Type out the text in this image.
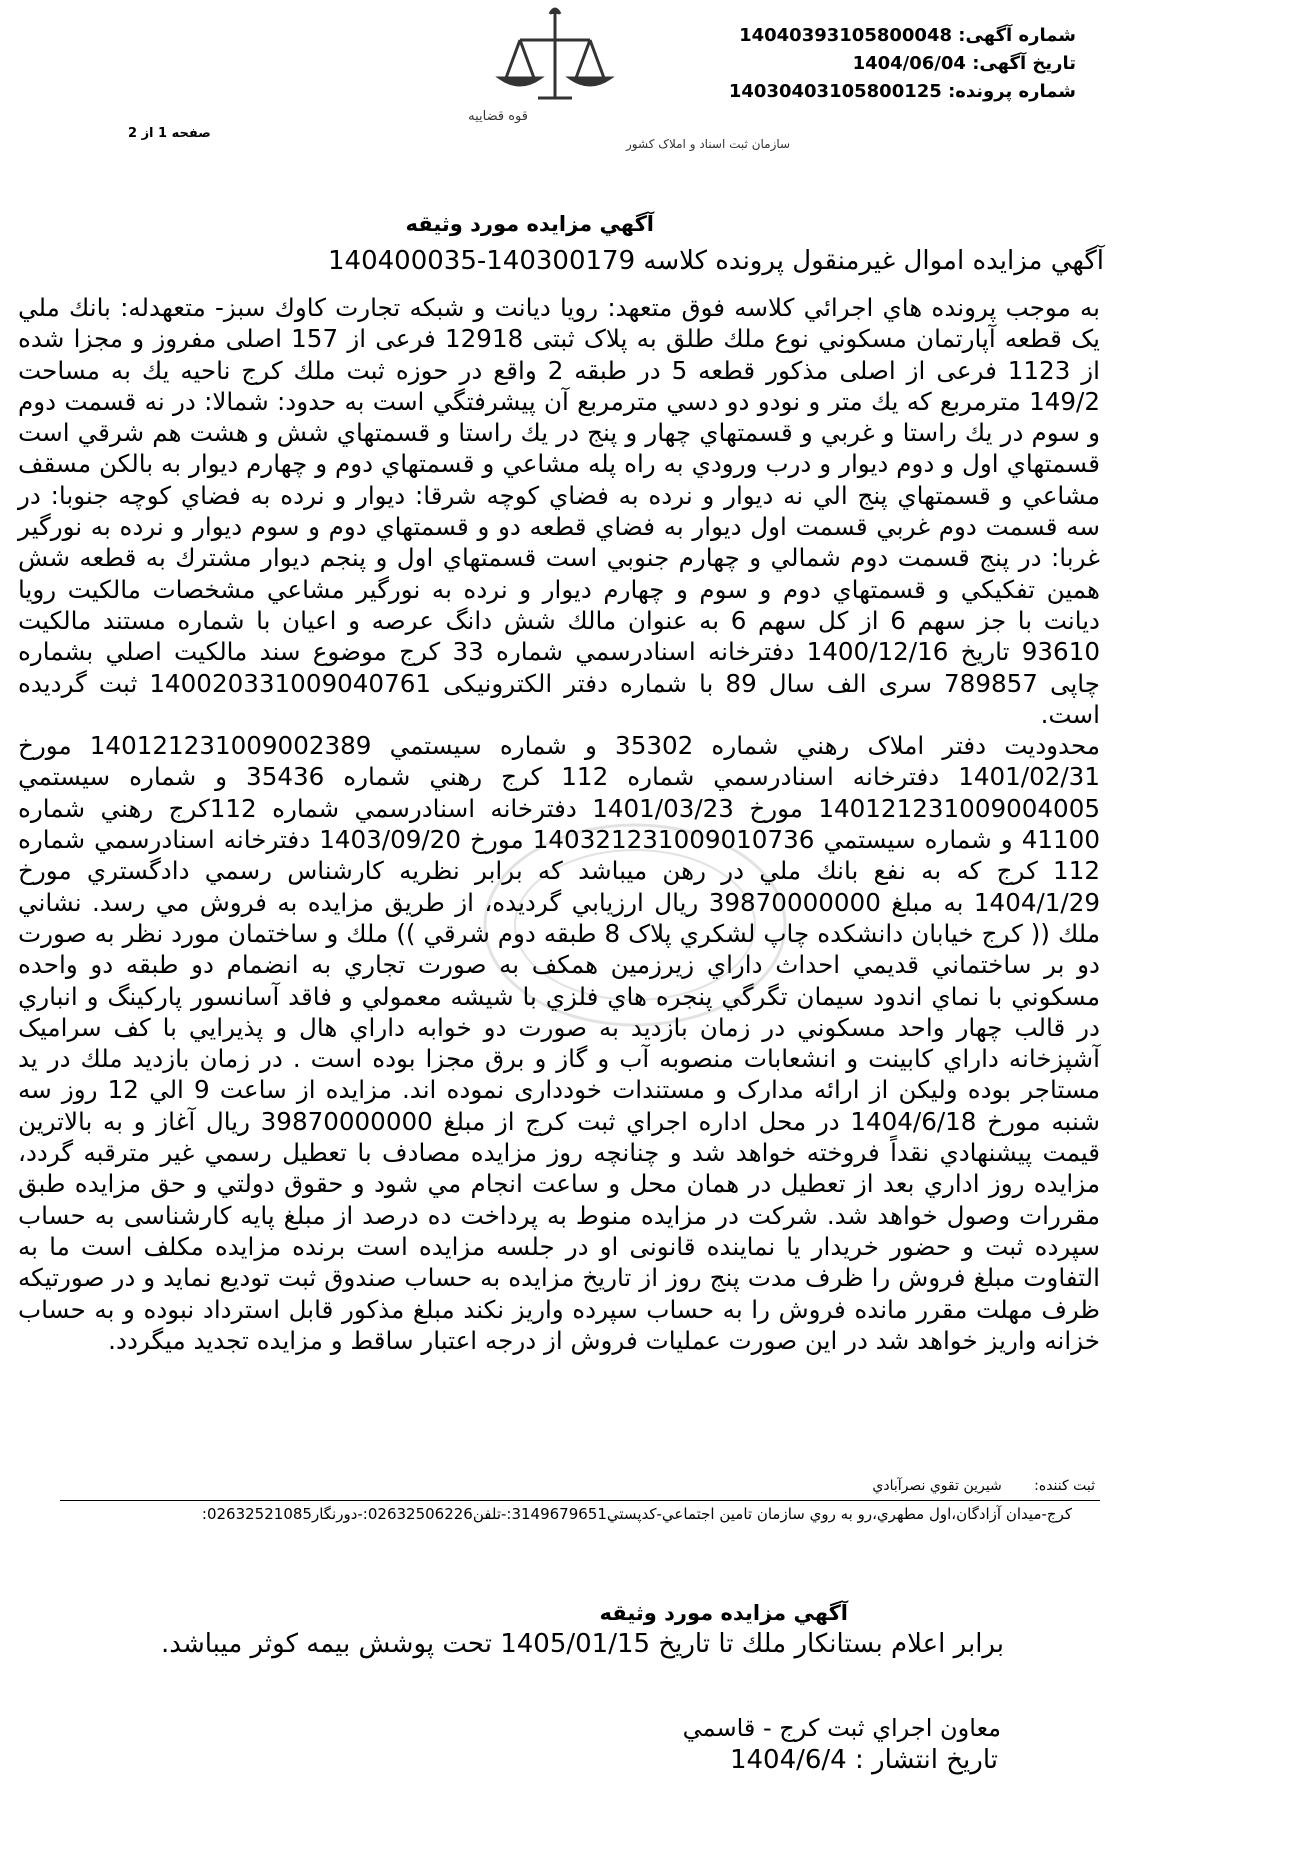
شماره آگهی: 14040393105800048
تاریخ آگهی: 1404/06/04
شماره پرونده: 14030403105800125
قوه قضاییه
سازمان ثبت اسناد و املاک کشور
صفحه 1 از 2
آگهي مزايده مورد وثيقه
آگهي مزايده اموال غيرمنقول پرونده كلاسه 140300179-140400035

به موجب پرونده هاي اجرائي كلاسه فوق متعهد: رويا ديانت و شبكه تجارت كاوك سبز- متعهدله: بانك ملي يک قطعه آپارتمان مسكوني نوع ملك طلق به پلاک ثبتی 12918 فرعی از 157 اصلی مفروز و مجزا شده از 1123 فرعی از اصلی مذكور قطعه 5 در طبقه 2 واقع در حوزه ثبت ملك كرج ناحيه يك به مساحت 149/2 مترمربع كه يك متر و نودو دو دسي مترمربع آن پيشرفتگي است به حدود: شمالا: در نه قسمت دوم و سوم در يك راستا و غربي و قسمتهاي چهار و پنج در يك راستا و قسمتهاي شش و هشت هم شرقي است قسمتهاي اول و دوم ديوار و درب ورودي به راه پله مشاعي و قسمتهاي دوم و چهارم ديوار به بالكن مسقف مشاعي و قسمتهاي پنج الي نه ديوار و نرده به فضاي كوچه شرقا: ديوار و نرده به فضاي كوچه جنوبا: در سه قسمت دوم غربي قسمت اول ديوار به فضاي قطعه دو و قسمتهاي دوم و سوم ديوار و نرده به نورگير غربا: در پنج قسمت دوم شمالي و چهارم جنوبي است قسمتهاي اول و پنجم ديوار مشترك به قطعه شش همين تفكيكي و قسمتهاي دوم و سوم و چهارم ديوار و نرده به نورگير مشاعي مشخصات مالكيت رويا ديانت با جز سهم 6 از كل سهم 6 به عنوان مالك شش دانگ عرصه و اعيان با شماره مستند مالكيت 93610 تاريخ 1400/12/16 دفترخانه اسنادرسمي شماره 33 كرج موضوع سند مالكيت اصلي بشماره چاپی 789857 سرى الف سال 89 با شماره دفتر الكترونيكى 140020331009040761 ثبت گرديده است.

محدوديت دفتر املاک رهني شماره 35302 و شماره سيستمي 140121231009002389 مورخ 1401/02/31 دفترخانه اسنادرسمي شماره 112 كرج رهني شماره 35436 و شماره سيستمي 140121231009004005 مورخ 1401/03/23 دفترخانه اسنادرسمي شماره 112كرج رهني شماره 41100 و شماره سيستمي 140321231009010736 مورخ 1403/09/20 دفترخانه اسنادرسمي شماره 112 كرج كه به نفع بانك ملي در رهن ميباشد كه برابر نظريه كارشناس رسمي دادگستري مورخ 1404/1/29 به مبلغ 39870000000 ريال ارزيابي گرديده، از طريق مزايده به فروش مي رسد. نشاني ملك (( كرج خيابان دانشكده چاپ لشكري پلاک 8 طبقه دوم شرقي )) ملك و ساختمان مورد نظر به صورت دو بر ساختماني قديمي احداث داراي زيرزمين همكف به صورت تجاري به انضمام دو طبقه دو واحده مسكوني با نماي اندود سيمان تگرگي پنجره هاي فلزي با شيشه معمولي و فاقد آسانسور پاركينگ و انباري در قالب چهار واحد مسكوني در زمان بازديد به صورت دو خوابه داراي هال و پذيرايي با كف سراميک آشپزخانه داراي كابينت و انشعابات منصوبه آب و گاز و برق مجزا بوده است . در زمان بازديد ملك در يد مستاجر بوده وليكن از ارائه مدارک و مستندات خودداری نموده اند. مزايده از ساعت 9 الي 12 روز سه شنبه مورخ 1404/6/18 در محل اداره اجراي ثبت كرج از مبلغ 39870000000 ريال آغاز و به بالاترين قيمت پيشنهادي نقداً فروخته خواهد شد و چنانچه روز مزايده مصادف با تعطيل رسمي غير مترقبه گردد، مزايده روز اداري بعد از تعطيل در همان محل و ساعت انجام مي شود و حقوق دولتي و حق مزايده طبق مقررات وصول خواهد شد. شركت در مزايده منوط به پرداخت ده درصد از مبلغ پايه كارشناسی به حساب سپرده ثبت و حضور خريدار يا نماينده قانونی او در جلسه مزايده است برنده مزايده مكلف است ما به التفاوت مبلغ فروش را ظرف مدت پنج روز از تاريخ مزايده به حساب صندوق ثبت توديع نمايد و در صورتيكه ظرف مهلت مقرر مانده فروش را به حساب سپرده واريز نكند مبلغ مذكور قابل استرداد نبوده و به حساب خزانه واريز خواهد شد در اين صورت عمليات فروش از درجه اعتبار ساقط و مزايده تجديد ميگردد.

ثبت كننده: شيرين تقوي نصرآبادي
كرج-ميدان آزادگان،اول مطهري،رو به روي سازمان تامين اجتماعي-كدپستي3149679651:-تلفن02632506226:-دورنگار02632521085:
آگهي مزايده مورد وثيقه
برابر اعلام بستانكار ملك تا تاريخ 1405/01/15 تحت پوشش بيمه كوثر ميباشد.
معاون اجراي ثبت كرج - قاسمي
تاريخ انتشار : 1404/6/4
